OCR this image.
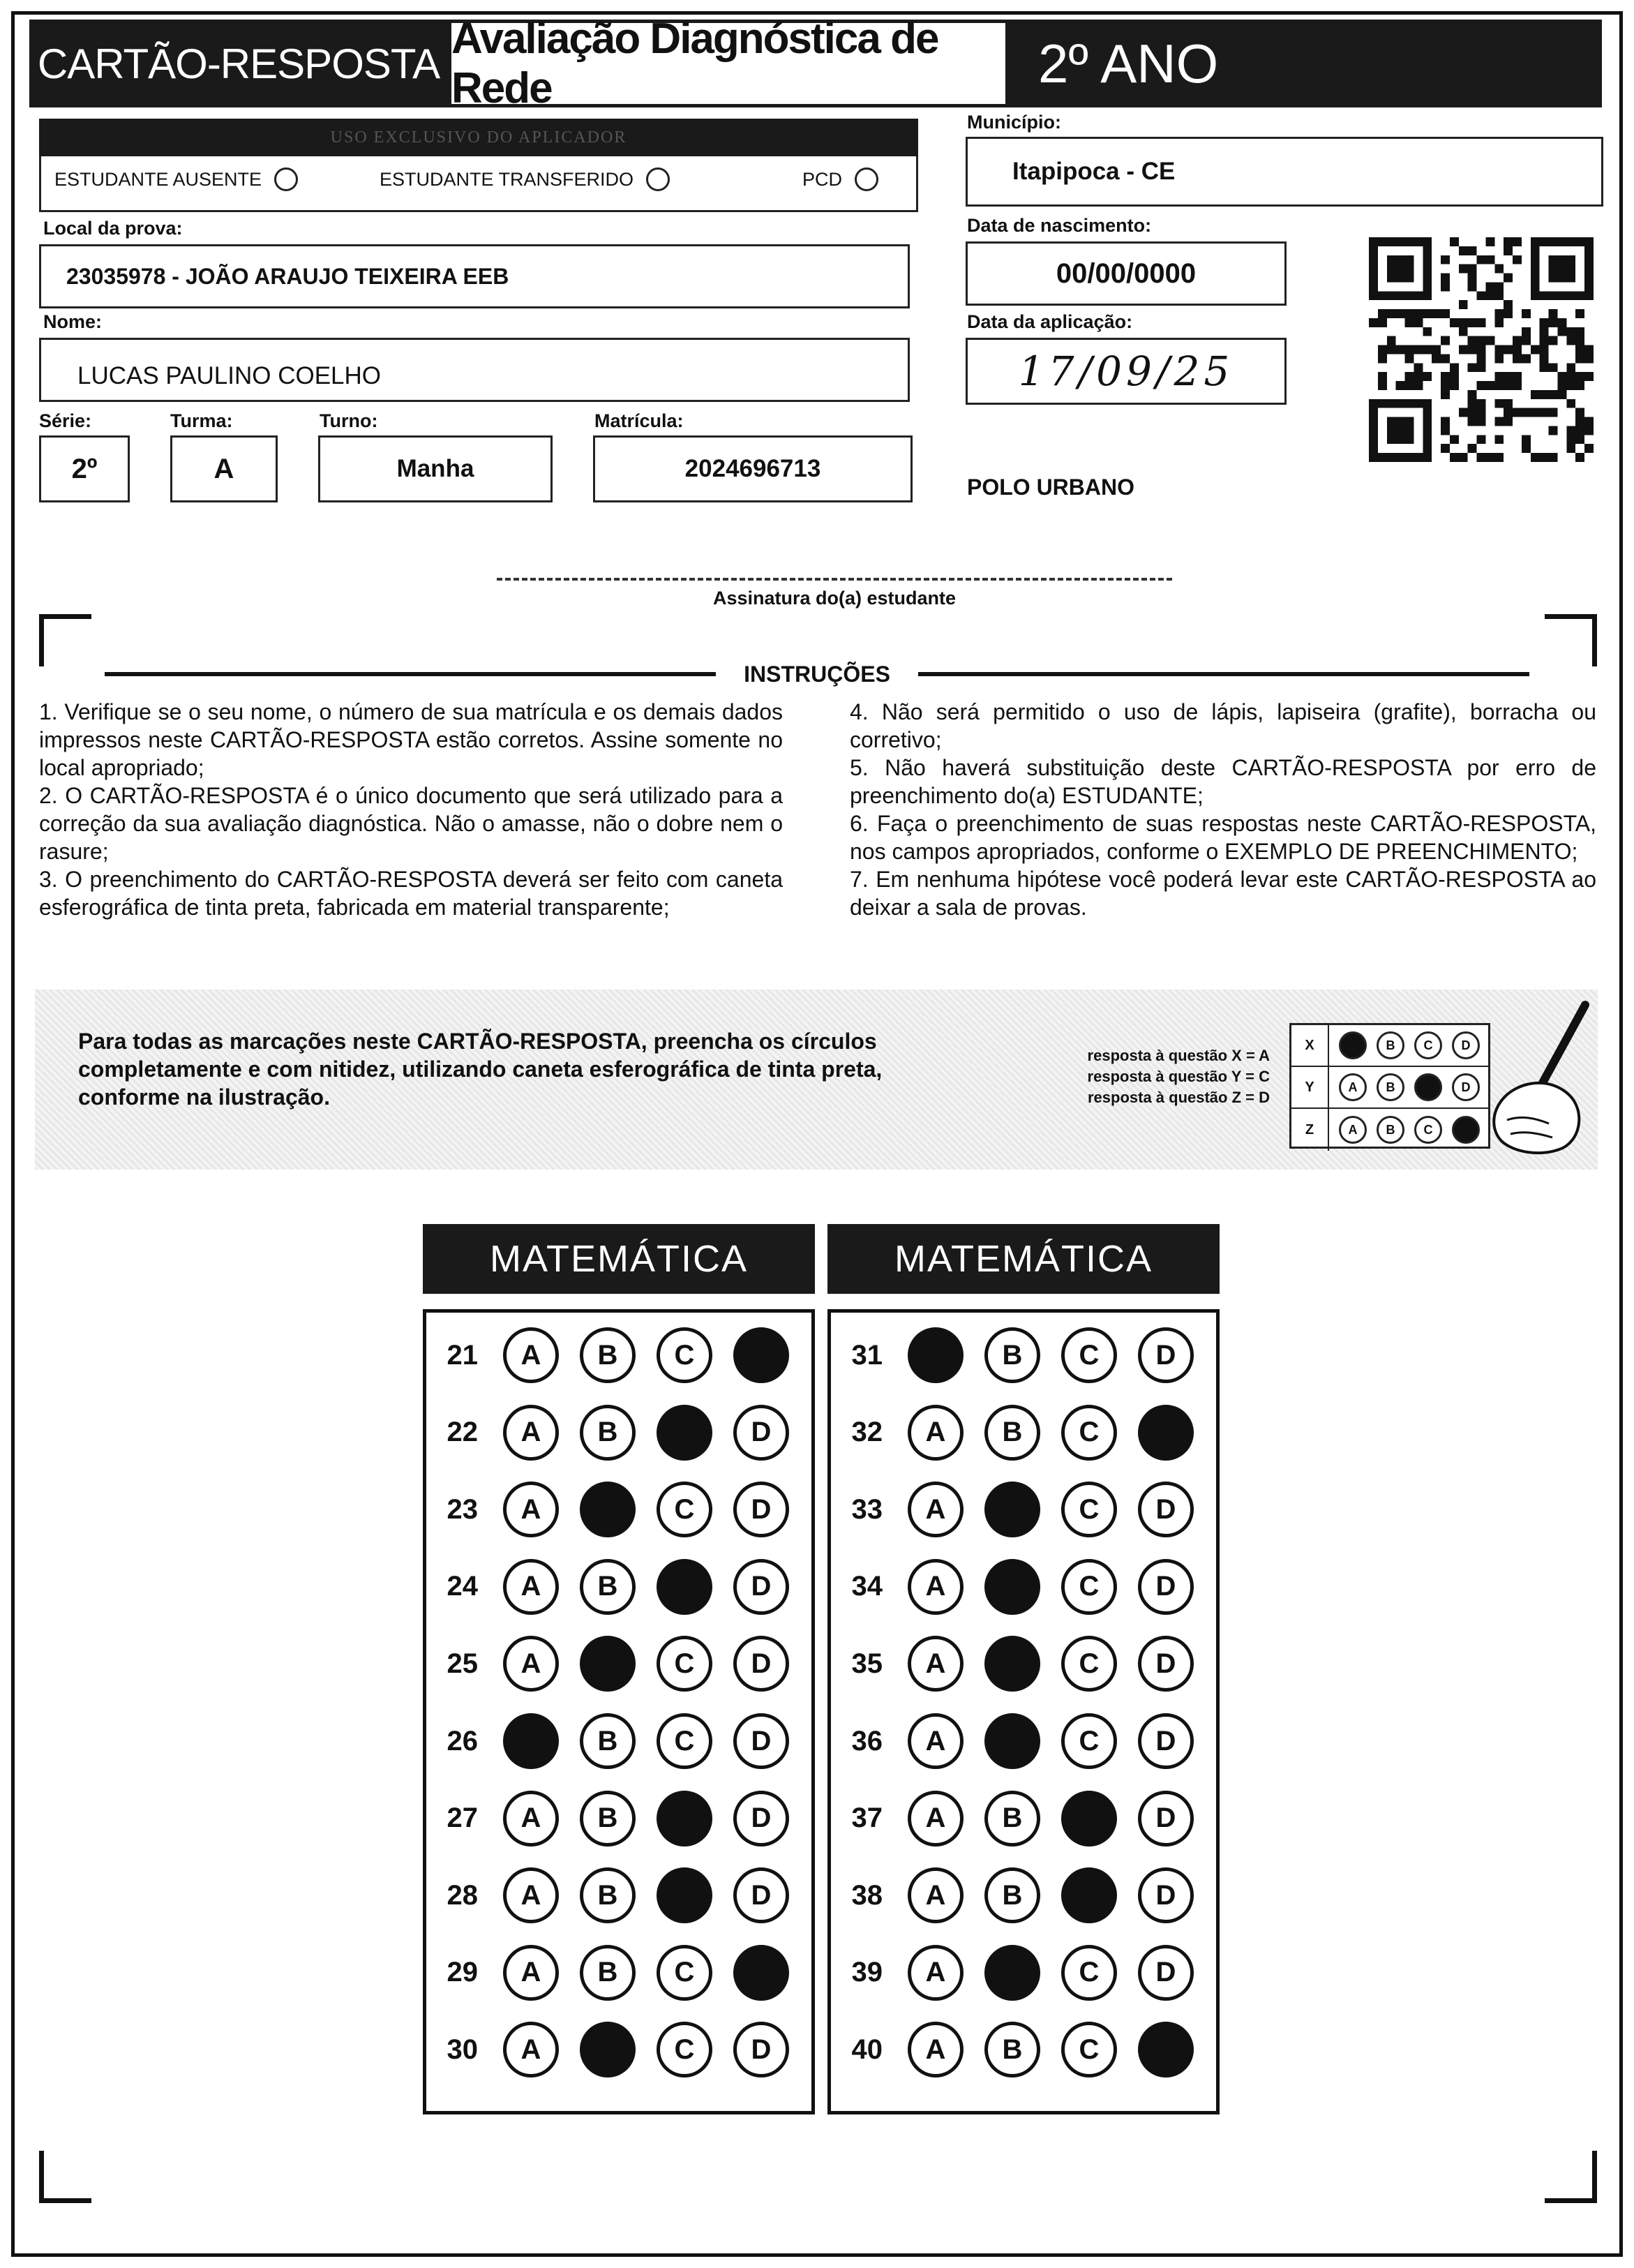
CARTÃO-RESPOSTA
Avaliação Diagnóstica de Rede	2º ANO
USO EXCLUSIVO DO APLICADOR
ESTUDANTE AUSENTE	ESTUDANTE TRANSFERIDO	PCD
Local da prova:
23035978 - JOÃO ARAUJO TEIXEIRA EEB
Nome:
LUCAS PAULINO COELHO
Série:
2º
Turma:
A
Turno:
Manha
Matrícula:
2024696713
Município:
Itapipoca - CE
Data de nascimento:
00/00/0000
Data da aplicação:
17/09/25
POLO URBANO
Assinatura do(a) estudante
INSTRUÇÕES

1. Verifique se o seu nome, o número de sua matrícula e os demais dados impressos neste CARTÃO-RESPOSTA estão corretos. Assine somente no local apropriado;

2. O CARTÃO-RESPOSTA é o único documento que será utilizado para a correção da sua avaliação diagnóstica. Não o amasse, não o dobre nem o rasure;

3. O preenchimento do CARTÃO-RESPOSTA deverá ser feito com caneta esferográfica de tinta preta, fabricada em material transparente;

4. Não será permitido o uso de lápis, lapiseira (grafite), borracha ou corretivo;

5. Não haverá substituição deste CARTÃO-RESPOSTA por erro de preenchimento do(a) ESTUDANTE;

6. Faça o preenchimento de suas respostas neste CARTÃO-RESPOSTA, nos campos apropriados, conforme o EXEMPLO DE PREENCHIMENTO;

7. Em nenhuma hipótese você poderá levar este CARTÃO-RESPOSTA ao deixar a sala de provas.

Para todas as marcações neste CARTÃO-RESPOSTA, preencha os círculos completamente e com nitidez, utilizando caneta esferográfica de tinta preta, conforme na ilustração.
resposta à questão X = A
resposta à questão Y = C
resposta à questão Z = D
X	A	B	C	D
Y	A	B	C	D
Z	A	B	C	D
MATEMÁTICA	MATEMÁTICA
21	A	B	C	D
22	A	B	C	D
23	A	B	C	D
24	A	B	C	D
25	A	B	C	D
26	A	B	C	D
27	A	B	C	D
28	A	B	C	D
29	A	B	C	D
30	A	B	C	D
31	A	B	C	D
32	A	B	C	D
33	A	B	C	D
34	A	B	C	D
35	A	B	C	D
36	A	B	C	D
37	A	B	C	D
38	A	B	C	D
39	A	B	C	D
40	A	B	C	D
